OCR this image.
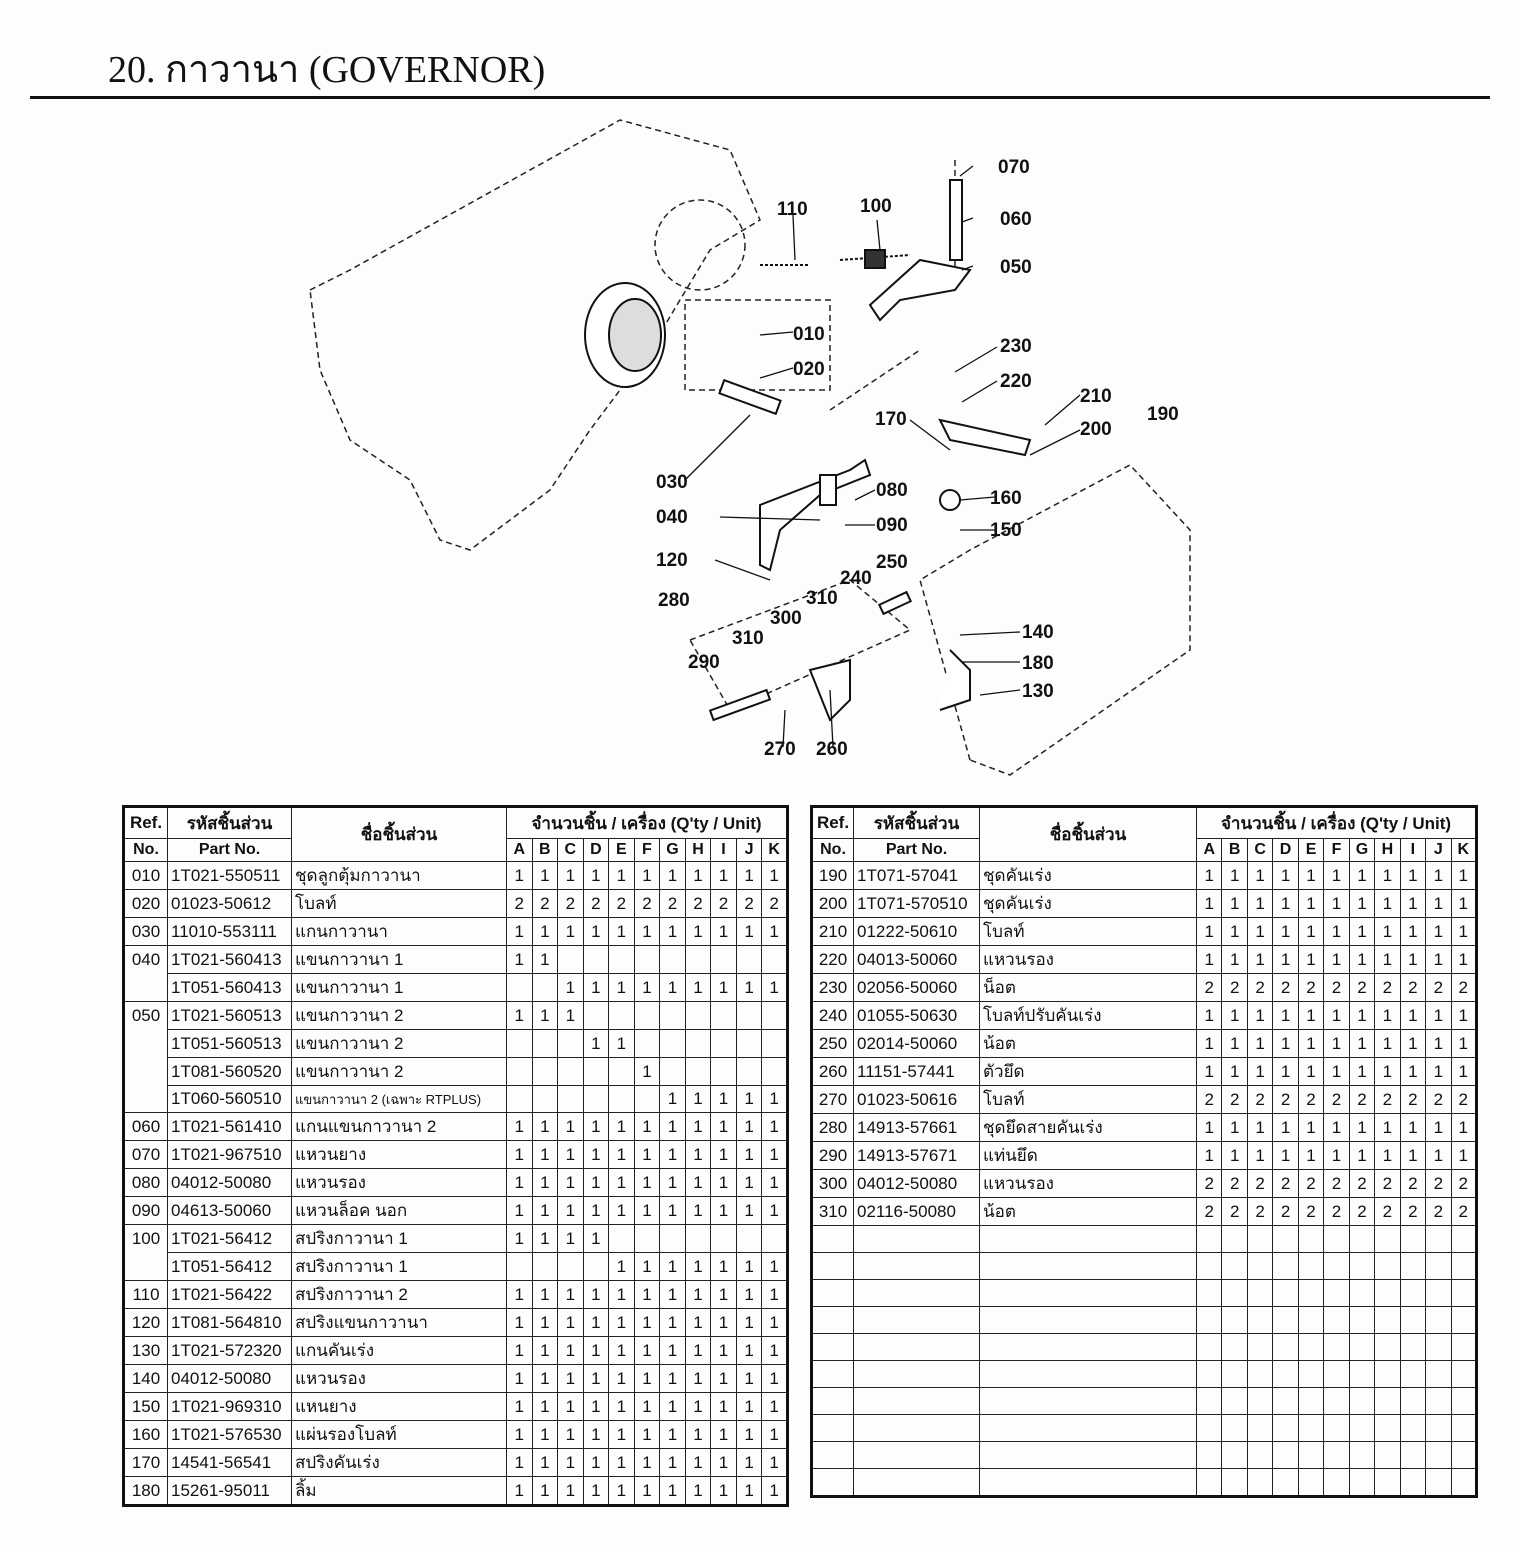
20. กาวานา (GOVERNOR)
070
060
050
110	100
010
020
030
230
220
210
190
200
170
080
090
040
120
160
150
250
240
310
300
280
310
290
140
180
130
270 260
Ref.	รหัสชิ้นส่วน	ชื่อชิ้นส่วน	จำนวนชิ้น / เครื่อง (Q'ty / Unit)										
No.	Part No.		A	B	C	D	E	F	G	H	I	J	K
010	1T021-550511	ชุดลูกตุ้มกาวานา	1	1	1	1	1	1	1	1	1	1	1
020	01023-50612	โบลท์	2	2	2	2	2	2	2	2	2	2	2
030	11010-553111	แกนกาวานา	1	1	1	1	1	1	1	1	1	1	1
040	1T021-560413	แขนกาวานา 1	1	1									
	1T051-560413	แขนกาวานา 1			1	1	1	1	1	1	1	1	1
050	1T021-560513	แขนกาวานา 2	1	1	1								
	1T051-560513	แขนกาวานา 2				1	1						
	1T081-560520	แขนกาวานา 2						1					
	1T060-560510	แขนกาวานา 2 (เฉพาะ RTPLUS)							1	1	1	1	1
060	1T021-561410	แกนแขนกาวานา 2	1	1	1	1	1	1	1	1	1	1	1
070	1T021-967510	แหวนยาง	1	1	1	1	1	1	1	1	1	1	1
080	04012-50080	แหวนรอง	1	1	1	1	1	1	1	1	1	1	1
090	04613-50060	แหวนล็อค นอก	1	1	1	1	1	1	1	1	1	1	1
100	1T021-56412	สปริงกาวานา 1	1	1	1	1							
	1T051-56412	สปริงกาวานา 1					1	1	1	1	1	1	1
110	1T021-56422	สปริงกาวานา 2	1	1	1	1	1	1	1	1	1	1	1
120	1T081-564810	สปริงแขนกาวานา	1	1	1	1	1	1	1	1	1	1	1
130	1T021-572320	แกนคันเร่ง	1	1	1	1	1	1	1	1	1	1	1
140	04012-50080	แหวนรอง	1	1	1	1	1	1	1	1	1	1	1
150	1T021-969310	แหนยาง	1	1	1	1	1	1	1	1	1	1	1
160	1T021-576530	แผ่นรองโบลท์	1	1	1	1	1	1	1	1	1	1	1
170	14541-56541	สปริงคันเร่ง	1	1	1	1	1	1	1	1	1	1	1
180	15261-95011	ลิ้ม	1	1	1	1	1	1	1	1	1	1	1
Ref.	รหัสชิ้นส่วน	ชื่อชิ้นส่วน	จำนวนชิ้น / เครื่อง (Q'ty / Unit)										
No.	Part No.		A	B	C	D	E	F	G	H	I	J	K
190	1T071-57041	ชุดคันเร่ง	1	1	1	1	1	1	1	1	1	1	1
200	1T071-570510	ชุดคันเร่ง	1	1	1	1	1	1	1	1	1	1	1
210	01222-50610	โบลท์	1	1	1	1	1	1	1	1	1	1	1
220	04013-50060	แหวนรอง	1	1	1	1	1	1	1	1	1	1	1
230	02056-50060	น็อต	2	2	2	2	2	2	2	2	2	2	2
240	01055-50630	โบลท์ปรับคันเร่ง	1	1	1	1	1	1	1	1	1	1	1
250	02014-50060	น้อต	1	1	1	1	1	1	1	1	1	1	1
260	11151-57441	ตัวยึด	1	1	1	1	1	1	1	1	1	1	1
270	01023-50616	โบลท์	2	2	2	2	2	2	2	2	2	2	2
280	14913-57661	ชุดยึดสายคันเร่ง	1	1	1	1	1	1	1	1	1	1	1
290	14913-57671	แท่นยึด	1	1	1	1	1	1	1	1	1	1	1
300	04012-50080	แหวนรอง	2	2	2	2	2	2	2	2	2	2	2
310	02116-50080	น้อต	2	2	2	2	2	2	2	2	2	2	2
